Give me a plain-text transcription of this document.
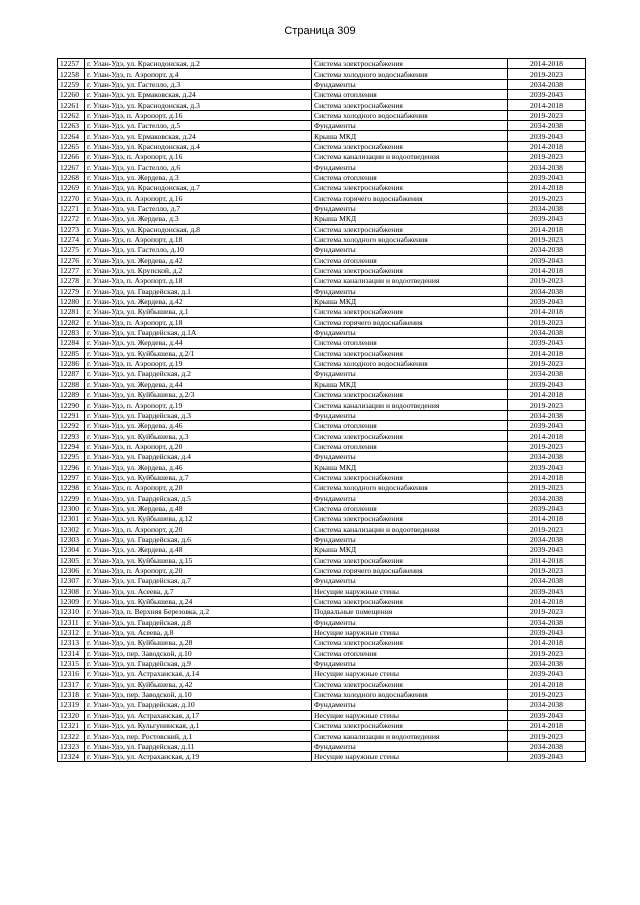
Страница 309
12257	г. Улан-Удэ, ул. Краснодонская, д.2	Система электроснабжения	2014-2018
12258	г. Улан-Удэ, п. Аэропорт, д.4	Система холодного водоснабжения	2019-2023
12259	г. Улан-Удэ, ул. Гастелло, д.3	Фундаменты	2034-2038
12260	г. Улан-Удэ, ул. Ермаковская, д.24	Система отопления	2039-2043
12261	г. Улан-Удэ, ул. Краснодонская, д.3	Система электроснабжения	2014-2018
12262	г. Улан-Удэ, п. Аэропорт, д.16	Система холодного водоснабжения	2019-2023
12263	г. Улан-Удэ, ул. Гастелло, д.5	Фундаменты	2034-2038
12264	г. Улан-Удэ, ул. Ермаковская, д.24	Крыша МКД	2039-2043
12265	г. Улан-Удэ, ул. Краснодонская, д.4	Система электроснабжения	2014-2018
12266	г. Улан-Удэ, п. Аэропорт, д.16	Система канализации и водоотведения	2019-2023
12267	г. Улан-Удэ, ул. Гастелло, д.6	Фундаменты	2034-2038
12268	г. Улан-Удэ, ул. Жердева, д.3	Система отопления	2039-2043
12269	г. Улан-Удэ, ул. Краснодонская, д.7	Система электроснабжения	2014-2018
12270	г. Улан-Удэ, п. Аэропорт, д.16	Система горячего водоснабжения	2019-2023
12271	г. Улан-Удэ, ул. Гастелло, д.7	Фундаменты	2034-2038
12272	г. Улан-Удэ, ул. Жердева, д.3	Крыша МКД	2039-2043
12273	г. Улан-Удэ, ул. Краснодонская, д.8	Система электроснабжения	2014-2018
12274	г. Улан-Удэ, п. Аэропорт, д.18	Система холодного водоснабжения	2019-2023
12275	г. Улан-Удэ, ул. Гастелло, д.10	Фундаменты	2034-2038
12276	г. Улан-Удэ, ул. Жердева, д.42	Система отопления	2039-2043
12277	г. Улан-Удэ, ул. Крупской, д.2	Система электроснабжения	2014-2018
12278	г. Улан-Удэ, п. Аэропорт, д.18	Система канализации и водоотведения	2019-2023
12279	г. Улан-Удэ, ул. Гвардейская, д.1	Фундаменты	2034-2038
12280	г. Улан-Удэ, ул. Жердева, д.42	Крыша МКД	2039-2043
12281	г. Улан-Удэ, ул. Куйбышева, д.1	Система электроснабжения	2014-2018
12282	г. Улан-Удэ, п. Аэропорт, д.18	Система горячего водоснабжения	2019-2023
12283	г. Улан-Удэ, ул. Гвардейская, д.1А	Фундаменты	2034-2038
12284	г. Улан-Удэ, ул. Жердева, д.44	Система отопления	2039-2043
12285	г. Улан-Удэ, ул. Куйбышева, д.2/1	Система электроснабжения	2014-2018
12286	г. Улан-Удэ, п. Аэропорт, д.19	Система холодного водоснабжения	2019-2023
12287	г. Улан-Удэ, ул. Гвардейская, д.2	Фундаменты	2034-2038
12288	г. Улан-Удэ, ул. Жердева, д.44	Крыша МКД	2039-2043
12289	г. Улан-Удэ, ул. Куйбышева, д.2/3	Система электроснабжения	2014-2018
12290	г. Улан-Удэ, п. Аэропорт, д.19	Система канализации и водоотведения	2019-2023
12291	г. Улан-Удэ, ул. Гвардейская, д.3	Фундаменты	2034-2038
12292	г. Улан-Удэ, ул. Жердева, д.46	Система отопления	2039-2043
12293	г. Улан-Удэ, ул. Куйбышева, д.3	Система электроснабжения	2014-2018
12294	г. Улан-Удэ, п. Аэропорт, д.20	Система отопления	2019-2023
12295	г. Улан-Удэ, ул. Гвардейская, д.4	Фундаменты	2034-2038
12296	г. Улан-Удэ, ул. Жердева, д.46	Крыша МКД	2039-2043
12297	г. Улан-Удэ, ул. Куйбышева, д.7	Система электроснабжения	2014-2018
12298	г. Улан-Удэ, п. Аэропорт, д.20	Система холодного водоснабжения	2019-2023
12299	г. Улан-Удэ, ул. Гвардейская, д.5	Фундаменты	2034-2038
12300	г. Улан-Удэ, ул. Жердева, д.48	Система отопления	2039-2043
12301	г. Улан-Удэ, ул. Куйбышева, д.12	Система электроснабжения	2014-2018
12302	г. Улан-Удэ, п. Аэропорт, д.20	Система канализации и водоотведения	2019-2023
12303	г. Улан-Удэ, ул. Гвардейская, д.6	Фундаменты	2034-2038
12304	г. Улан-Удэ, ул. Жердева, д.48	Крыша МКД	2039-2043
12305	г. Улан-Удэ, ул. Куйбышева, д.15	Система электроснабжения	2014-2018
12306	г. Улан-Удэ, п. Аэропорт, д.20	Система горячего водоснабжения	2019-2023
12307	г. Улан-Удэ, ул. Гвардейская, д.7	Фундаменты	2034-2038
12308	г. Улан-Удэ, ул. Асеева, д.7	Несущие наружные стены	2039-2043
12309	г. Улан-Удэ, ул. Куйбышева, д.24	Система электроснабжения	2014-2018
12310	г. Улан-Удэ, п. Верхняя Березовка, д.2	Подвальные помещения	2019-2023
12311	г. Улан-Удэ, ул. Гвардейская, д.8	Фундаменты	2034-2038
12312	г. Улан-Удэ, ул. Асеева, д.8	Несущие наружные стены	2039-2043
12313	г. Улан-Удэ, ул. Куйбышева, д.28	Система электроснабжения	2014-2018
12314	г. Улан-Удэ, пер. Заводской, д.10	Система отопления	2019-2023
12315	г. Улан-Удэ, ул. Гвардейская, д.9	Фундаменты	2034-2038
12316	г. Улан-Удэ, ул. Астраханская, д.14	Несущие наружные стены	2039-2043
12317	г. Улан-Удэ, ул. Куйбышева, д.42	Система электроснабжения	2014-2018
12318	г. Улан-Удэ, пер. Заводской, д.10	Система холодного водоснабжения	2019-2023
12319	г. Улан-Удэ, ул. Гвардейская, д.10	Фундаменты	2034-2038
12320	г. Улан-Удэ, ул. Астраханская, д.17	Несущие наружные стены	2039-2043
12321	г. Улан-Удэ, ул. Кульгунинская, д.1	Система электроснабжения	2014-2018
12322	г. Улан-Удэ, пер. Ростовский, д.1	Система канализации и водоотведения	2019-2023
12323	г. Улан-Удэ, ул. Гвардейская, д.11	Фундаменты	2034-2038
12324	г. Улан-Удэ, ул. Астраханская, д.19	Несущие наружные стены	2039-2043
